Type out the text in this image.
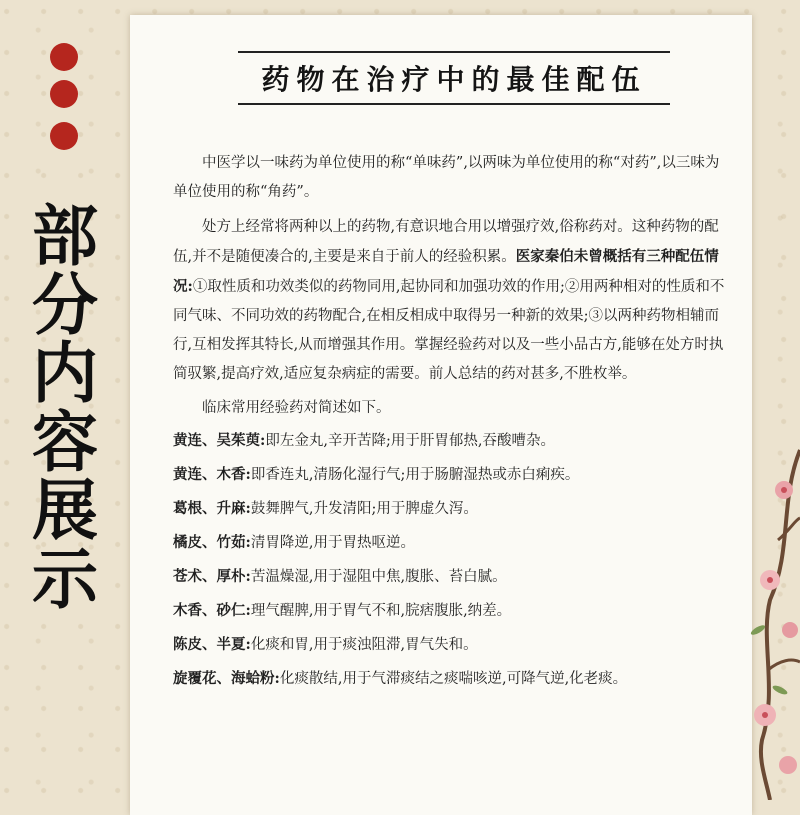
部
分
内
容
展
示
药物在治疗中的最佳配伍
中医学以一味药为单位使用的称“单味药”,以两味为单位使用的称“对药”,以三味为单位使用的称“角药”。
处方上经常将两种以上的药物,有意识地合用以增强疗效,俗称药对。这种药物的配伍,并不是随便凑合的,主要是来自于前人的经验积累。医家秦伯未曾概括有三种配伍情况:①取性质和功效类似的药物同用,起协同和加强功效的作用;②用两种相对的性质和不同气味、不同功效的药物配合,在相反相成中取得另一种新的效果;③以两种药物相辅而行,互相发挥其特长,从而增强其作用。掌握经验药对以及一些小品古方,能够在处方时执简驭繁,提高疗效,适应复杂病症的需要。前人总结的药对甚多,不胜枚举。
临床常用经验药对简述如下。
黄连、吴茱萸:即左金丸,辛开苦降;用于肝胃郁热,吞酸嘈杂。
黄连、木香:即香连丸,清肠化湿行气;用于肠腑湿热或赤白痢疾。
葛根、升麻:鼓舞脾气,升发清阳;用于脾虚久泻。
橘皮、竹茹:清胃降逆,用于胃热呕逆。
苍术、厚朴:苦温燥湿,用于湿阻中焦,腹胀、苔白腻。
木香、砂仁:理气醒脾,用于胃气不和,脘痞腹胀,纳差。
陈皮、半夏:化痰和胃,用于痰浊阻滞,胃气失和。
旋覆花、海蛤粉:化痰散结,用于气滞痰结之痰喘咳逆,可降气逆,化老痰。
